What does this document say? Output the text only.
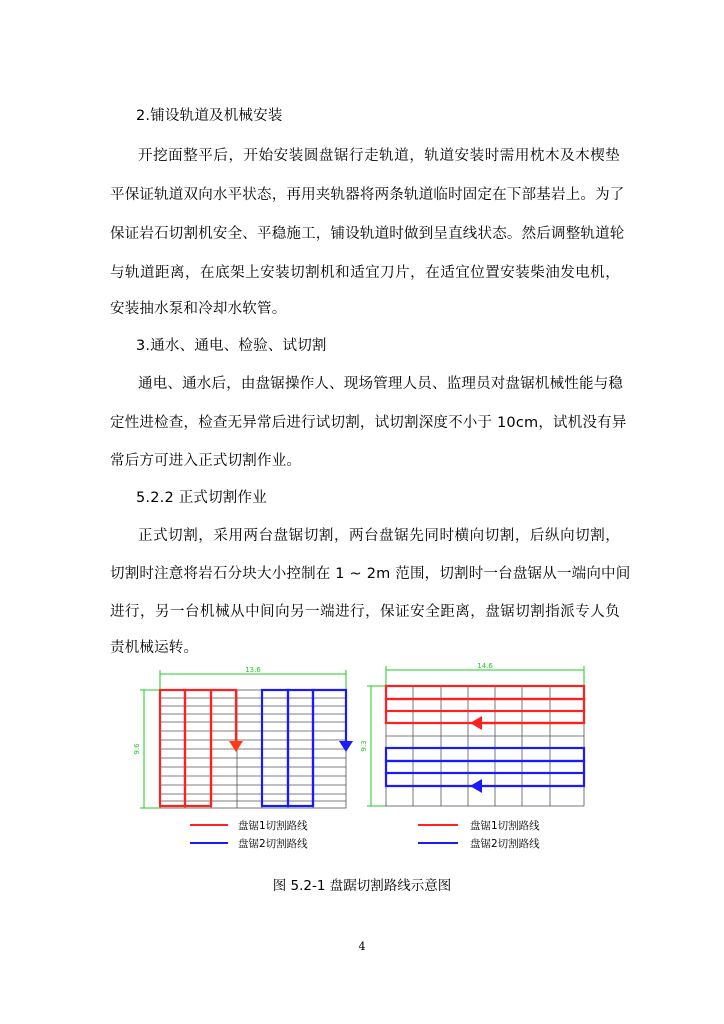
2.铺设轨道及机械安装
开挖面整平后，开始安装圆盘锯行走轨道，轨道安装时需用枕木及木楔垫
平保证轨道双向水平状态，再用夹轨器将两条轨道临时固定在下部基岩上。为了
保证岩石切割机安全、平稳施工，铺设轨道时做到呈直线状态。然后调整轨道轮
与轨道距离，在底架上安装切割机和适宜刀片，在适宜位置安装柴油发电机，
安装抽水泵和冷却水软管。
3.通水、通电、检验、试切割
通电、通水后，由盘锯操作人、现场管理人员、监理员对盘锯机械性能与稳
定性进检查，检查无异常后进行试切割，试切割深度不小于 10cm，试机没有异
常后方可进入正式切割作业。
5.2.2 正式切割作业
正式切割，采用两台盘锯切割，两台盘锯先同时横向切割，后纵向切割，
切割时注意将岩石分块大小控制在 1 ~ 2m 范围，切割时一台盘锯从一端向中间
进行，另一台机械从中间向另一端进行，保证安全距离，盘锯切割指派专人负
责机械运转。
13.6
9.6
盘锯1切割路线
盘锯2切割路线
14.6
9.3
盘锯1切割路线
盘锯2切割路线
图 5.2-1 盘踞切割路线示意图
4
